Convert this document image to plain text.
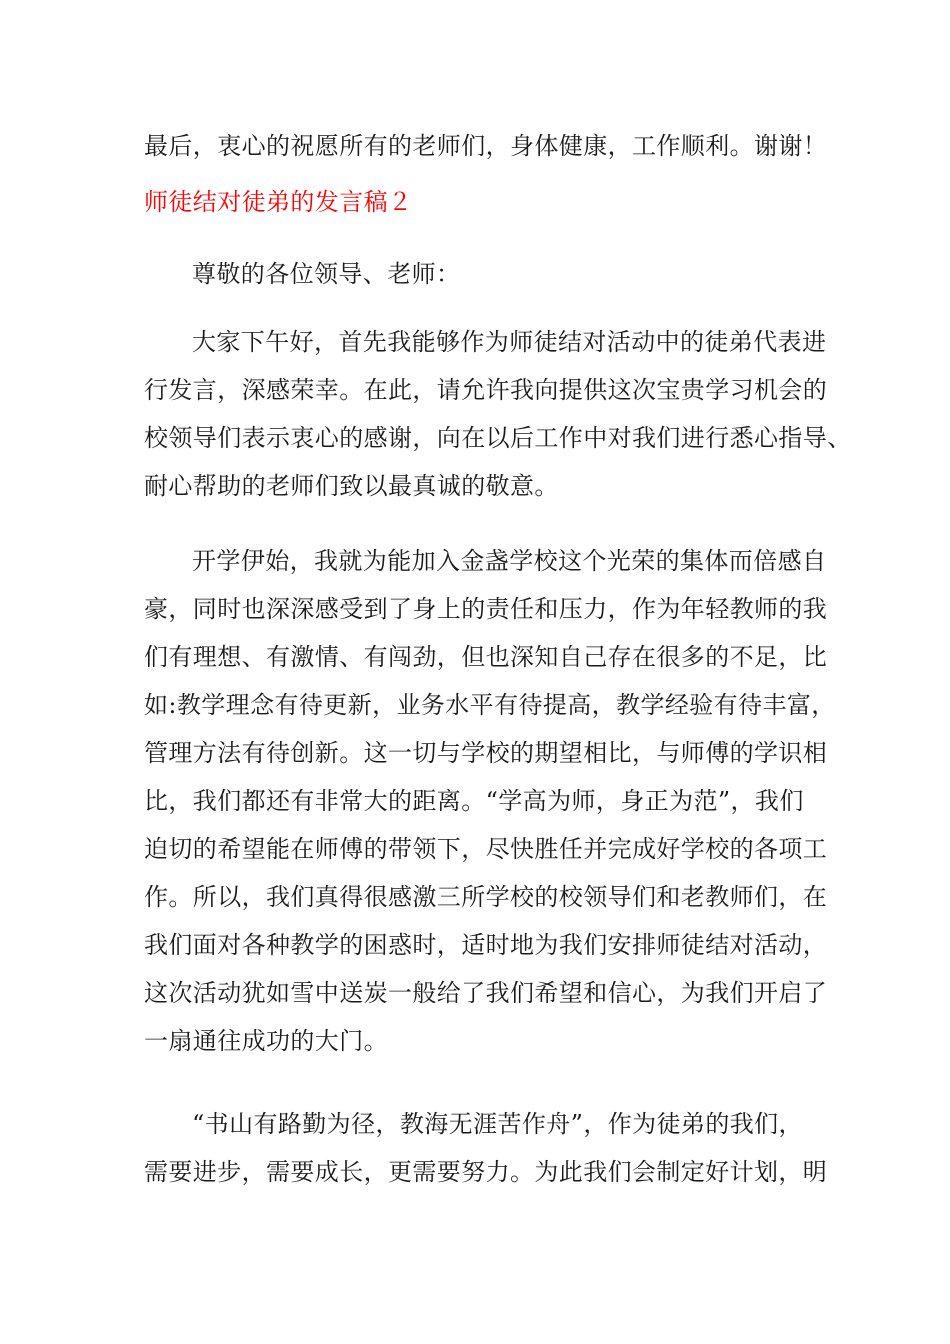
最后，衷心的祝愿所有的老师们，身体健康，工作顺利。谢谢！
师徒结对徒弟的发言稿２
尊敬的各位领导、老师：
大家下午好，首先我能够作为师徒结对活动中的徒弟代表进
行发言，深感荣幸。在此，请允许我向提供这次宝贵学习机会的
校领导们表示衷心的感谢，向在以后工作中对我们进行悉心指导、
耐心帮助的老师们致以最真诚的敬意。
开学伊始，我就为能加入金盏学校这个光荣的集体而倍感自
豪，同时也深深感受到了身上的责任和压力，作为年轻教师的我
们有理想、有激情、有闯劲，但也深知自己存在很多的不足，比
如:教学理念有待更新，业务水平有待提高，教学经验有待丰富，
管理方法有待创新。这一切与学校的期望相比，与师傅的学识相
比，我们都还有非常大的距离。“学高为师，身正为范”，我们
迫切的希望能在师傅的带领下，尽快胜任并完成好学校的各项工
作。所以，我们真得很感激三所学校的校领导们和老教师们，在
我们面对各种教学的困惑时，适时地为我们安排师徒结对活动，
这次活动犹如雪中送炭一般给了我们希望和信心，为我们开启了
一扇通往成功的大门。
“书山有路勤为径，教海无涯苦作舟”，作为徒弟的我们，
需要进步，需要成长，更需要努力。为此我们会制定好计划，明
